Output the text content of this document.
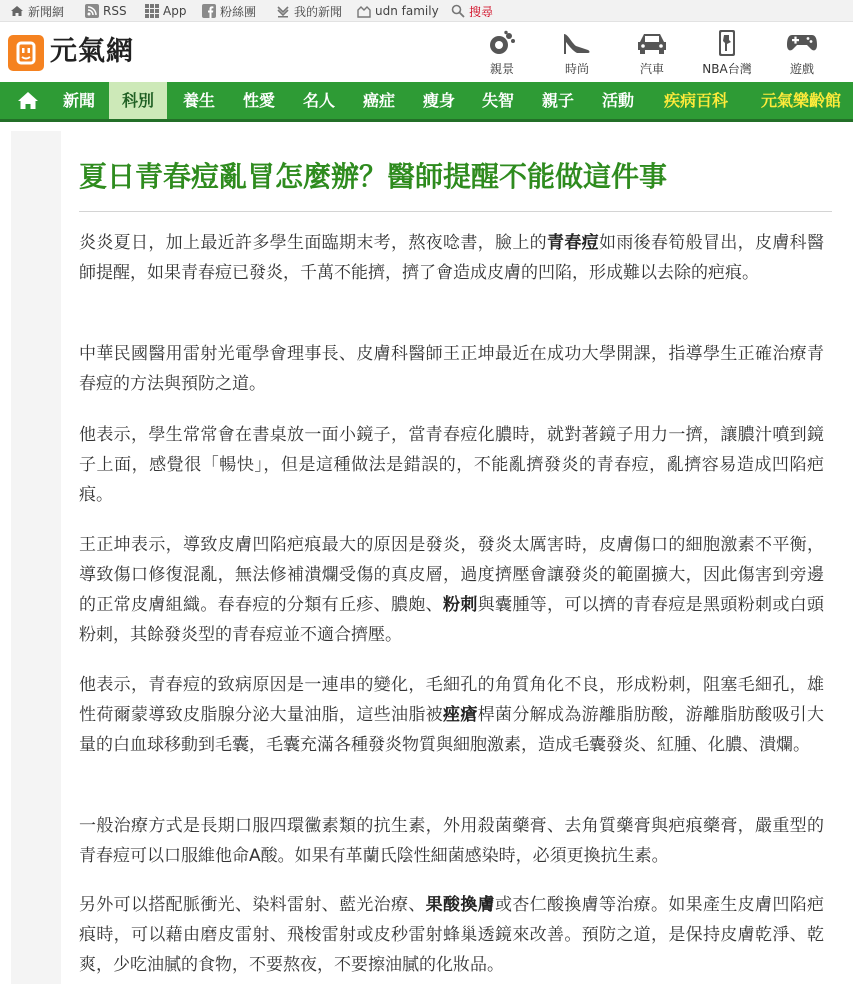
新聞網	RSS	App	粉絲團	我的新聞	udn family	搜尋
元氣網
親景	時尚	汽車	NBA台灣	遊戲
新聞	科別	養生	性愛	名人	癌症	瘦身	失智	親子	活動	疾病百科	元氣樂齡館
夏日青春痘亂冒怎麼辦？醫師提醒不能做這件事

炎炎夏日，加上最近許多學生面臨期末考，熬夜唸書，臉上的青春痘如雨後春筍般冒出，皮膚科醫師提醒，如果青春痘已發炎，千萬不能擠，擠了會造成皮膚的凹陷，形成難以去除的疤痕。

中華民國醫用雷射光電學會理事長、皮膚科醫師王正坤最近在成功大學開課，指導學生正確治療青春痘的方法與預防之道。

他表示，學生常常會在書桌放一面小鏡子，當青春痘化膿時，就對著鏡子用力一擠，讓膿汁噴到鏡子上面，感覺很「暢快」，但是這種做法是錯誤的，不能亂擠發炎的青春痘，亂擠容易造成凹陷疤痕。

王正坤表示，導致皮膚凹陷疤痕最大的原因是發炎，發炎太厲害時，皮膚傷口的細胞激素不平衡，導致傷口修復混亂，無法修補潰爛受傷的真皮層，過度擠壓會讓發炎的範圍擴大，因此傷害到旁邊的正常皮膚組織。春春痘的分類有丘疹、膿皰、粉刺與囊腫等，可以擠的青春痘是黑頭粉刺或白頭粉刺，其餘發炎型的青春痘並不適合擠壓。

他表示，青春痘的致病原因是一連串的變化，毛細孔的角質角化不良，形成粉刺，阻塞毛細孔，雄性荷爾蒙導致皮脂腺分泌大量油脂，這些油脂被痤瘡桿菌分解成為游離脂肪酸，游離脂肪酸吸引大量的白血球移動到毛囊，毛囊充滿各種發炎物質與細胞激素，造成毛囊發炎、紅腫、化膿、潰爛。

一般治療方式是長期口服四環黴素類的抗生素，外用殺菌藥膏、去角質藥膏與疤痕藥膏，嚴重型的青春痘可以口服維他命A酸。如果有革蘭氏陰性細菌感染時，必須更換抗生素。

另外可以搭配脈衝光、染料雷射、藍光治療、果酸換膚或杏仁酸換膚等治療。如果產生皮膚凹陷疤痕時，可以藉由磨皮雷射、飛梭雷射或皮秒雷射蜂巢透鏡來改善。預防之道，是保持皮膚乾淨、乾爽，少吃油膩的食物，不要熬夜，不要擦油膩的化妝品。
